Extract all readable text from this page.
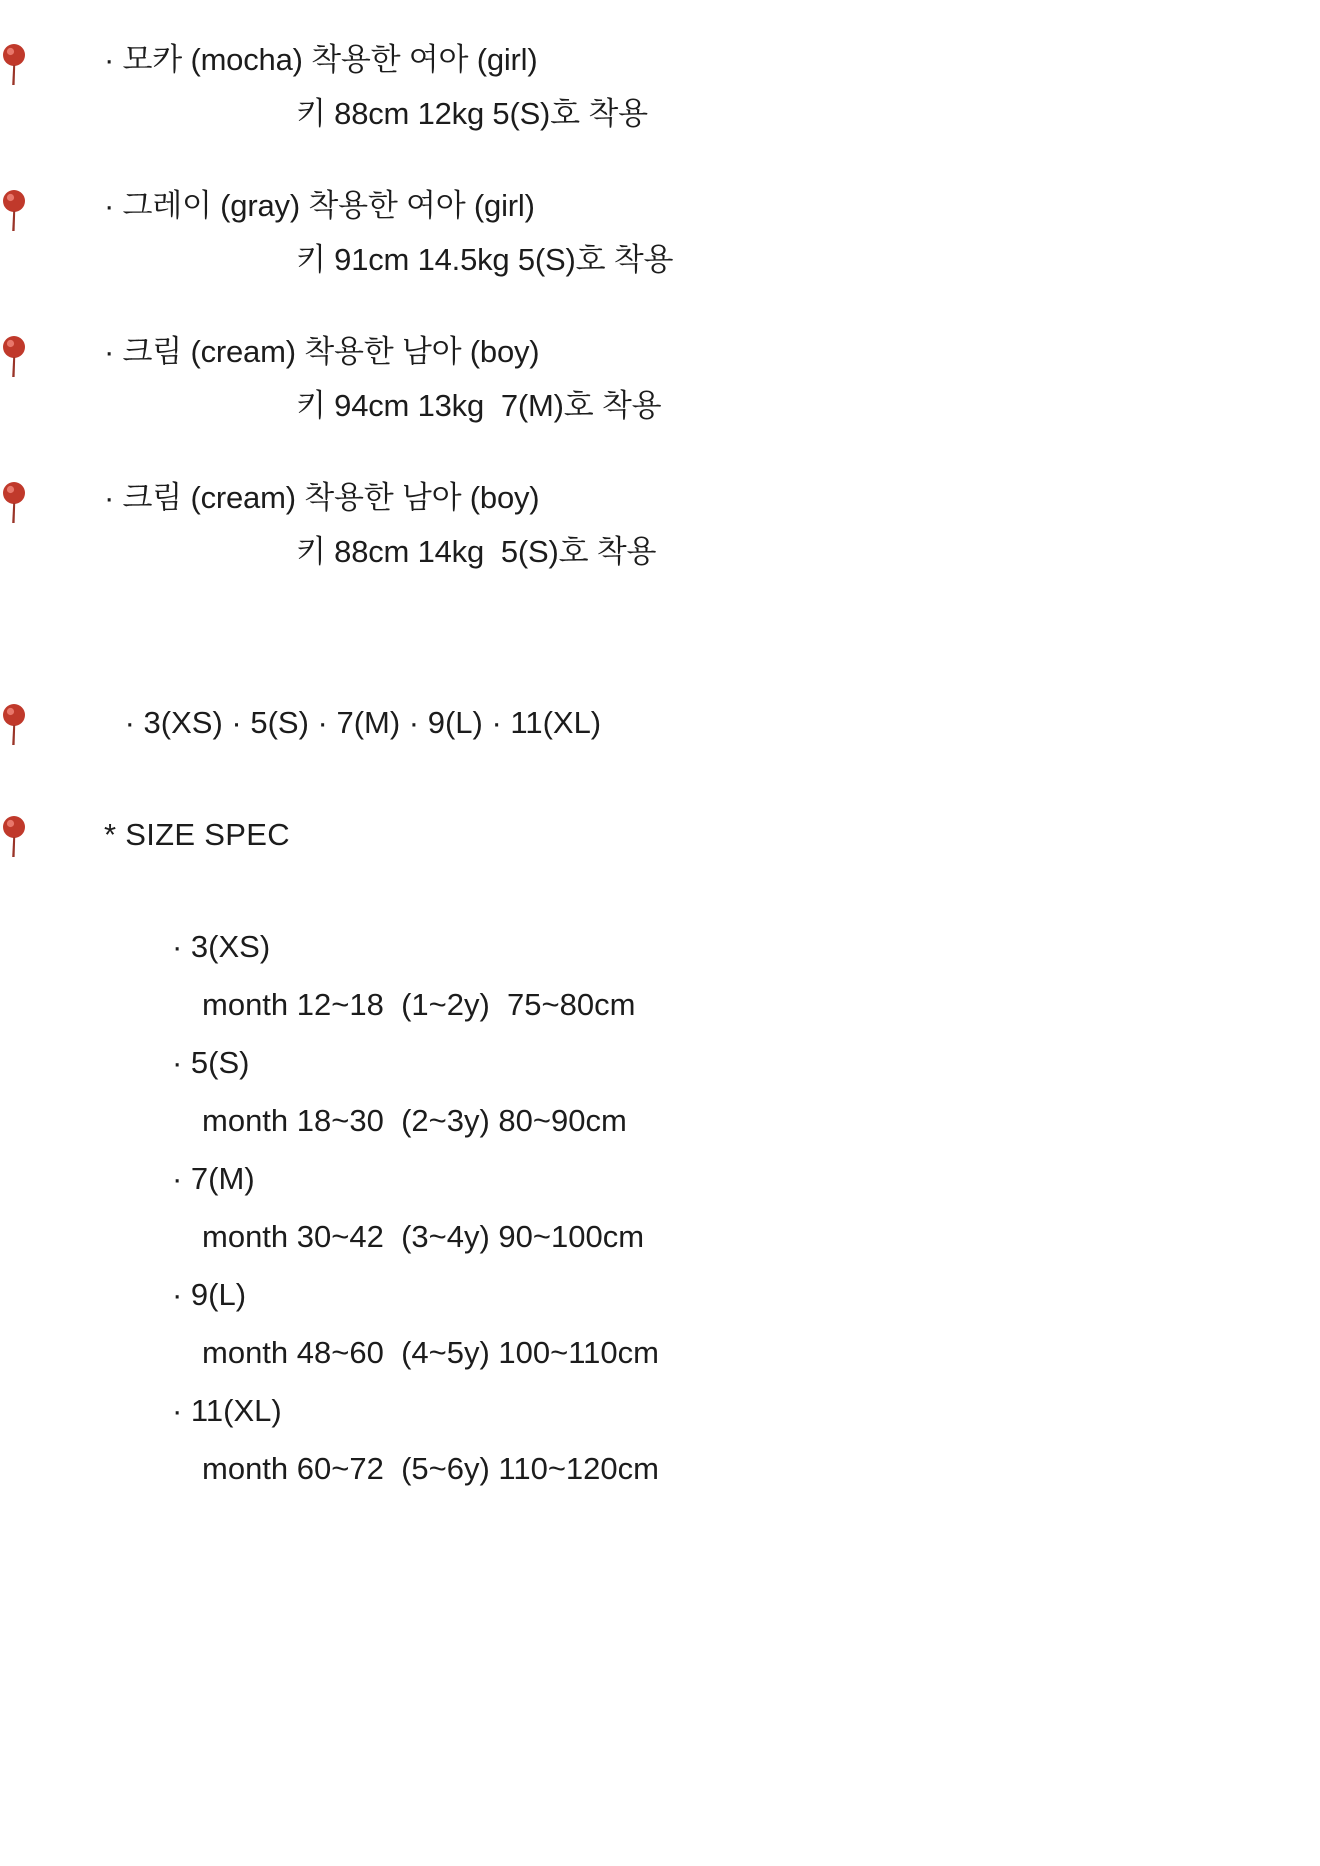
· 모카 (mocha) 착용한 여아 (girl)
키 88cm 12kg 5(S)호 착용
· 그레이 (gray) 착용한 여아 (girl)
키 91cm 14.5kg 5(S)호 착용
· 크림 (cream) 착용한 남아 (boy)
키 94cm 13kg  7(M)호 착용
· 크림 (cream) 착용한 남아 (boy)
키 88cm 14kg  5(S)호 착용
· 3(XS) · 5(S) · 7(M) · 9(L) · 11(XL)
* SIZE SPEC
· 3(XS)
month 12~18  (1~2y)  75~80cm
· 5(S)
month 18~30  (2~3y) 80~90cm
· 7(M)
month 30~42  (3~4y) 90~100cm
· 9(L)
month 48~60  (4~5y) 100~110cm
· 11(XL)
month 60~72  (5~6y) 110~120cm
